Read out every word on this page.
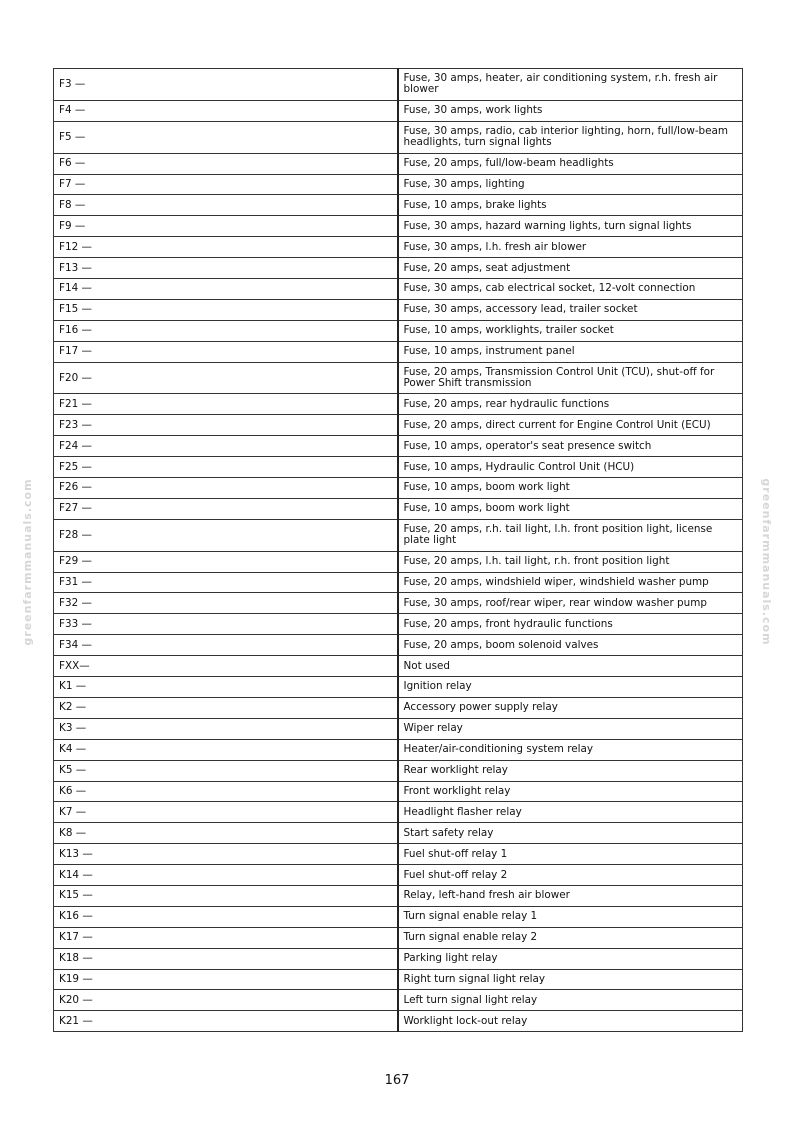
greenfarmmanuals.com	greenfarmmanuals.com
F3 —	Fuse, 30 amps, heater, air conditioning system, r.h. fresh air blower
F4 —	Fuse, 30 amps, work lights
F5 —	Fuse, 30 amps, radio, cab interior lighting, horn, full/low-beam headlights, turn signal lights
F6 —	Fuse, 20 amps, full/low-beam headlights
F7 —	Fuse, 30 amps, lighting
F8 —	Fuse, 10 amps, brake lights
F9 —	Fuse, 30 amps, hazard warning lights, turn signal lights
F12 —	Fuse, 30 amps, l.h. fresh air blower
F13 —	Fuse, 20 amps, seat adjustment
F14 —	Fuse, 30 amps, cab electrical socket, 12-volt connection
F15 —	Fuse, 30 amps, accessory lead, trailer socket
F16 —	Fuse, 10 amps, worklights, trailer socket
F17 —	Fuse, 10 amps, instrument panel
F20 —	Fuse, 20 amps, Transmission Control Unit (TCU), shut-off for Power Shift transmission
F21 —	Fuse, 20 amps, rear hydraulic functions
F23 —	Fuse, 20 amps, direct current for Engine Control Unit (ECU)
F24 —	Fuse, 10 amps, operator's seat presence switch
F25 —	Fuse, 10 amps, Hydraulic Control Unit (HCU)
F26 —	Fuse, 10 amps, boom work light
F27 —	Fuse, 10 amps, boom work light
F28 —	Fuse, 20 amps, r.h. tail light, l.h. front position light, license plate light
F29 —	Fuse, 20 amps, l.h. tail light, r.h. front position light
F31 —	Fuse, 20 amps, windshield wiper, windshield washer pump
F32 —	Fuse, 30 amps, roof/rear wiper, rear window washer pump
F33 —	Fuse, 20 amps, front hydraulic functions
F34 —	Fuse, 20 amps, boom solenoid valves
FXX—	Not used
K1 —	Ignition relay
K2 —	Accessory power supply relay
K3 —	Wiper relay
K4 —	Heater/air-conditioning system relay
K5 —	Rear worklight relay
K6 —	Front worklight relay
K7 —	Headlight flasher relay
K8 —	Start safety relay
K13 —	Fuel shut-off relay 1
K14 —	Fuel shut-off relay 2
K15 —	Relay, left-hand fresh air blower
K16 —	Turn signal enable relay 1
K17 —	Turn signal enable relay 2
K18 —	Parking light relay
K19 —	Right turn signal light relay
K20 —	Left turn signal light relay
K21 —	Worklight lock-out relay
167
